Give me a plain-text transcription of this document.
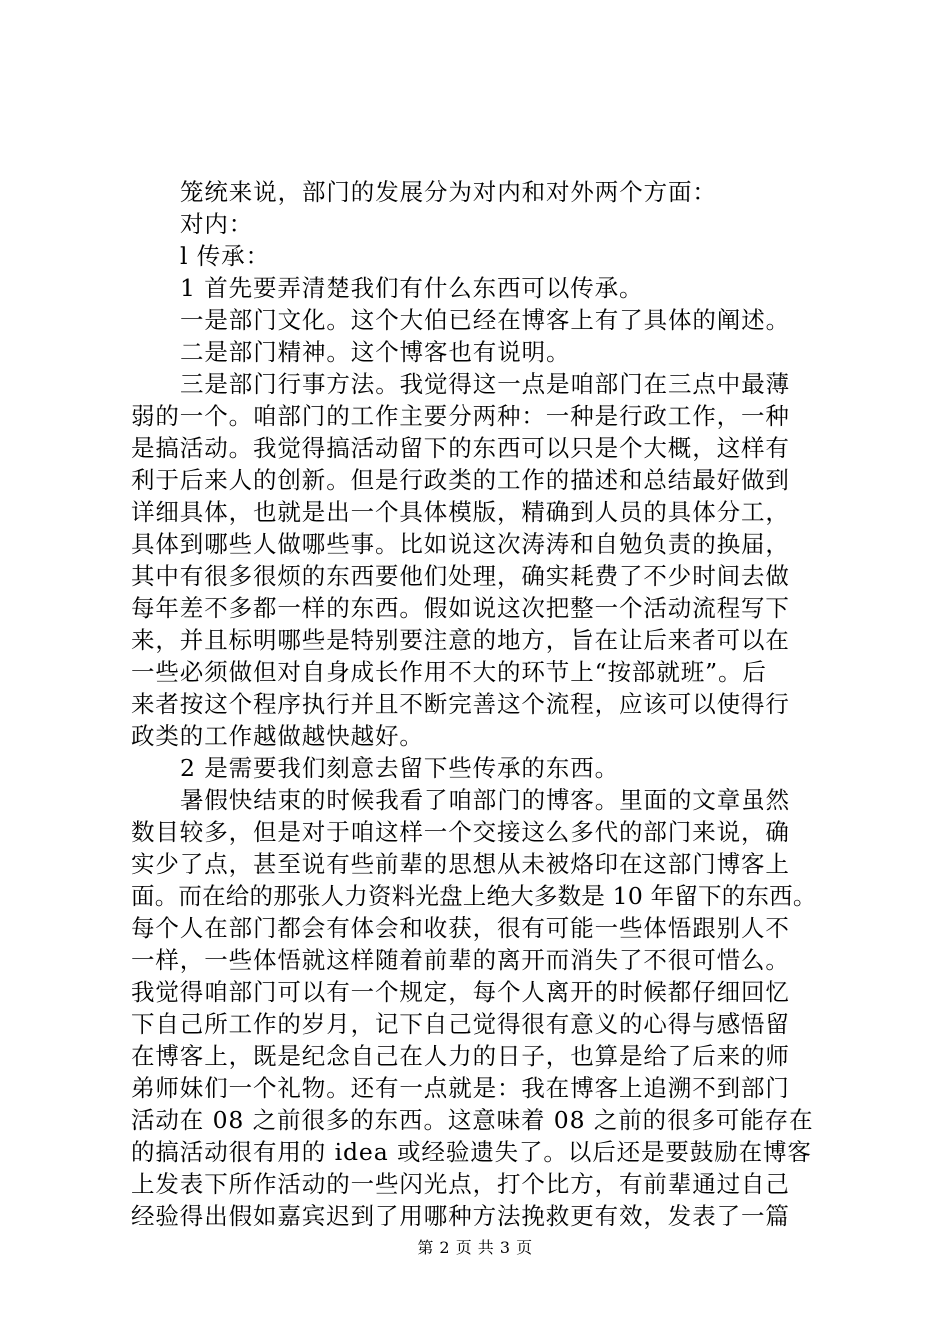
笼统来说，部门的发展分为对内和对外两个方面：
对内：
l 传承：
1 首先要弄清楚我们有什么东西可以传承。
一是部门文化。这个大伯已经在博客上有了具体的阐述。
二是部门精神。这个博客也有说明。
三是部门行事方法。我觉得这一点是咱部门在三点中最薄
弱的一个。咱部门的工作主要分两种：一种是行政工作，一种
是搞活动。我觉得搞活动留下的东西可以只是个大概，这样有
利于后来人的创新。但是行政类的工作的描述和总结最好做到
详细具体，也就是出一个具体模版，精确到人员的具体分工，
具体到哪些人做哪些事。比如说这次涛涛和自勉负责的换届，
其中有很多很烦的东西要他们处理，确实耗费了不少时间去做
每年差不多都一样的东西。假如说这次把整一个活动流程写下
来，并且标明哪些是特别要注意的地方，旨在让后来者可以在
一些必须做但对自身成长作用不大的环节上“按部就班”。后
来者按这个程序执行并且不断完善这个流程，应该可以使得行
政类的工作越做越快越好。
2 是需要我们刻意去留下些传承的东西。
暑假快结束的时候我看了咱部门的博客。里面的文章虽然
数目较多，但是对于咱这样一个交接这么多代的部门来说，确
实少了点，甚至说有些前辈的思想从未被烙印在这部门博客上
面。而在给的那张人力资料光盘上绝大多数是 10 年留下的东西。
每个人在部门都会有体会和收获，很有可能一些体悟跟别人不
一样，一些体悟就这样随着前辈的离开而消失了不很可惜么。
我觉得咱部门可以有一个规定，每个人离开的时候都仔细回忆
下自己所工作的岁月，记下自己觉得很有意义的心得与感悟留
在博客上，既是纪念自己在人力的日子，也算是给了后来的师
弟师妹们一个礼物。还有一点就是：我在博客上追溯不到部门
活动在 08 之前很多的东西。这意味着 08 之前的很多可能存在
的搞活动很有用的 idea 或经验遗失了。以后还是要鼓励在博客
上发表下所作活动的一些闪光点，打个比方，有前辈通过自己
经验得出假如嘉宾迟到了用哪种方法挽救更有效，发表了一篇
第 2 页 共 3 页
